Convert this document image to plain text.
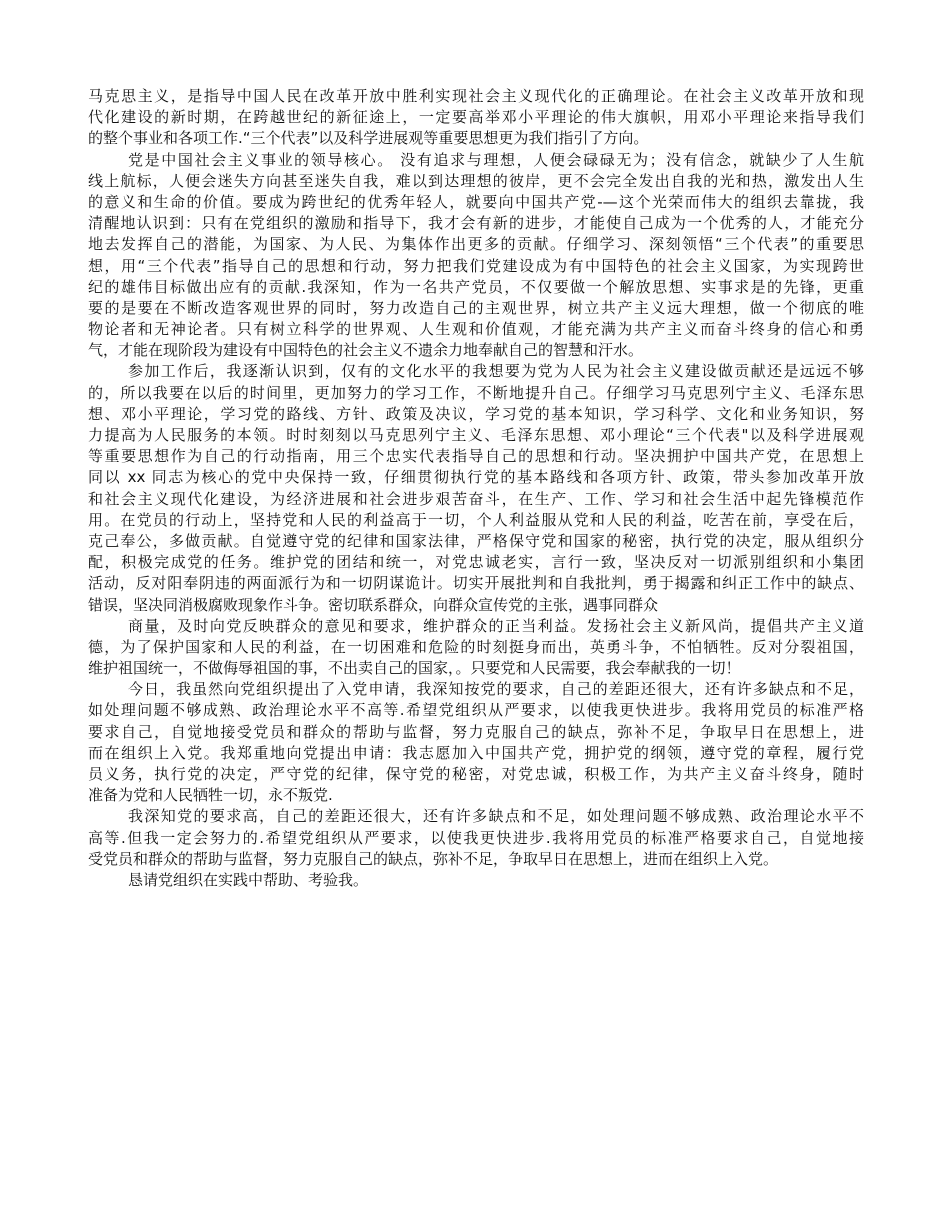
马克思主义，是指导中国人民在改革开放中胜利实现社会主义现代化的正确理论。在社会主义改革开放和现
代化建设的新时期，在跨越世纪的新征途上，一定要高举邓小平理论的伟大旗帜，用邓小平理论来指导我们
的整个事业和各项工作.“三个代表”以及科学进展观等重要思想更为我们指引了方向。
党是中国社会主义事业的领导核心。 没有追求与理想，人便会碌碌无为；没有信念，就缺少了人生航
线上航标，人便会迷失方向甚至迷失自我，难以到达理想的彼岸，更不会完全发出自我的光和热，激发出人生
的意义和生命的价值。要成为跨世纪的优秀年轻人，就要向中国共产党-—这个光荣而伟大的组织去靠拢，我
清醒地认识到：只有在党组织的激励和指导下，我才会有新的进步，才能使自己成为一个优秀的人，才能充分
地去发挥自己的潜能，为国家、为人民、为集体作出更多的贡献。仔细学习、深刻领悟“三个代表”的重要思
想，用“三个代表”指导自己的思想和行动，努力把我们党建设成为有中国特色的社会主义国家，为实现跨世
纪的雄伟目标做出应有的贡献.我深知，作为一名共产党员，不仅要做一个解放思想、实事求是的先锋，更重
要的是要在不断改造客观世界的同时，努力改造自己的主观世界，树立共产主义远大理想，做一个彻底的唯
物论者和无神论者。只有树立科学的世界观、人生观和价值观，才能充满为共产主义而奋斗终身的信心和勇
气，才能在现阶段为建设有中国特色的社会主义不遗余力地奉献自己的智慧和汗水。
参加工作后，我逐渐认识到，仅有的文化水平的我想要为党为人民为社会主义建设做贡献还是远远不够
的，所以我要在以后的时间里，更加努力的学习工作，不断地提升自己。仔细学习马克思列宁主义、毛泽东思
想、邓小平理论，学习党的路线、方针、政策及决议，学习党的基本知识，学习科学、文化和业务知识，努
力提高为人民服务的本领。时时刻刻以马克思列宁主义、毛泽东思想、邓小理论“三个代表"以及科学进展观
等重要思想作为自己的行动指南，用三个忠实代表指导自己的思想和行动。坚决拥护中国共产党，在思想上
同以 xx 同志为核心的党中央保持一致，仔细贯彻执行党的基本路线和各项方针、政策，带头参加改革开放
和社会主义现代化建设，为经济进展和社会进步艰苦奋斗，在生产、工作、学习和社会生活中起先锋模范作
用。在党员的行动上，坚持党和人民的利益高于一切，个人利益服从党和人民的利益，吃苦在前，享受在后，
克己奉公，多做贡献。自觉遵守党的纪律和国家法律，严格保守党和国家的秘密，执行党的决定，服从组织分
配，积极完成党的任务。维护党的团结和统一，对党忠诚老实，言行一致，坚决反对一切派别组织和小集团
活动，反对阳奉阴违的两面派行为和一切阴谋诡计。切实开展批判和自我批判，勇于揭露和纠正工作中的缺点、
错误，坚决同消极腐败现象作斗争。密切联系群众，向群众宣传党的主张，遇事同群众
商量，及时向党反映群众的意见和要求，维护群众的正当利益。发扬社会主义新风尚，提倡共产主义道
德，为了保护国家和人民的利益，在一切困难和危险的时刻挺身而出，英勇斗争，不怕牺牲。反对分裂祖国，
维护祖国统一，不做侮辱祖国的事，不出卖自己的国家，。只要党和人民需要，我会奉献我的一切！
今日，我虽然向党组织提出了入党申请，我深知按党的要求，自己的差距还很大，还有许多缺点和不足，
如处理问题不够成熟、政治理论水平不高等.希望党组织从严要求，以使我更快进步。我将用党员的标准严格
要求自己，自觉地接受党员和群众的帮助与监督，努力克服自己的缺点，弥补不足，争取早日在思想上，进
而在组织上入党。我郑重地向党提出申请：我志愿加入中国共产党，拥护党的纲领，遵守党的章程，履行党
员义务，执行党的决定，严守党的纪律，保守党的秘密，对党忠诚，积极工作，为共产主义奋斗终身，随时
准备为党和人民牺牲一切，永不叛党.
我深知党的要求高，自己的差距还很大，还有许多缺点和不足，如处理问题不够成熟、政治理论水平不
高等.但我一定会努力的.希望党组织从严要求，以使我更快进步.我将用党员的标准严格要求自己，自觉地接
受党员和群众的帮助与监督，努力克服自己的缺点，弥补不足，争取早日在思想上，进而在组织上入党。
恳请党组织在实践中帮助、考验我。
